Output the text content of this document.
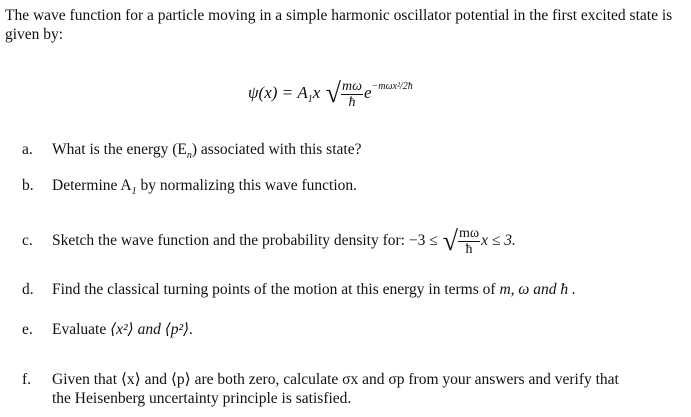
The wave function for a particle moving in a simple harmonic oscillator potential in the first excited state is given by:
$\psi(x) = A_1x$ √ $\frac{m\omega}{ħ} e^{-m\omega x^2/2ħ}$
a. What is the energy $(E_n)$ associated with this state?
b. Determine $A_1$ by normalizing this wave function.
c. Sketch the wave function and the probability density for: −3 ≤ √ $\frac{m\omega}{ħ}$ x ≤ 3.
d. Find the classical turning points of the motion at this energy in terms of m, ω and ħ .
e. Evaluate ⟨x²⟩ and ⟨p²⟩.
f. Given that ⟨x⟩ and ⟨p⟩ are both zero, calculate σx and σp from your answers and verify that
the Heisenberg uncertainty principle is satisfied.
